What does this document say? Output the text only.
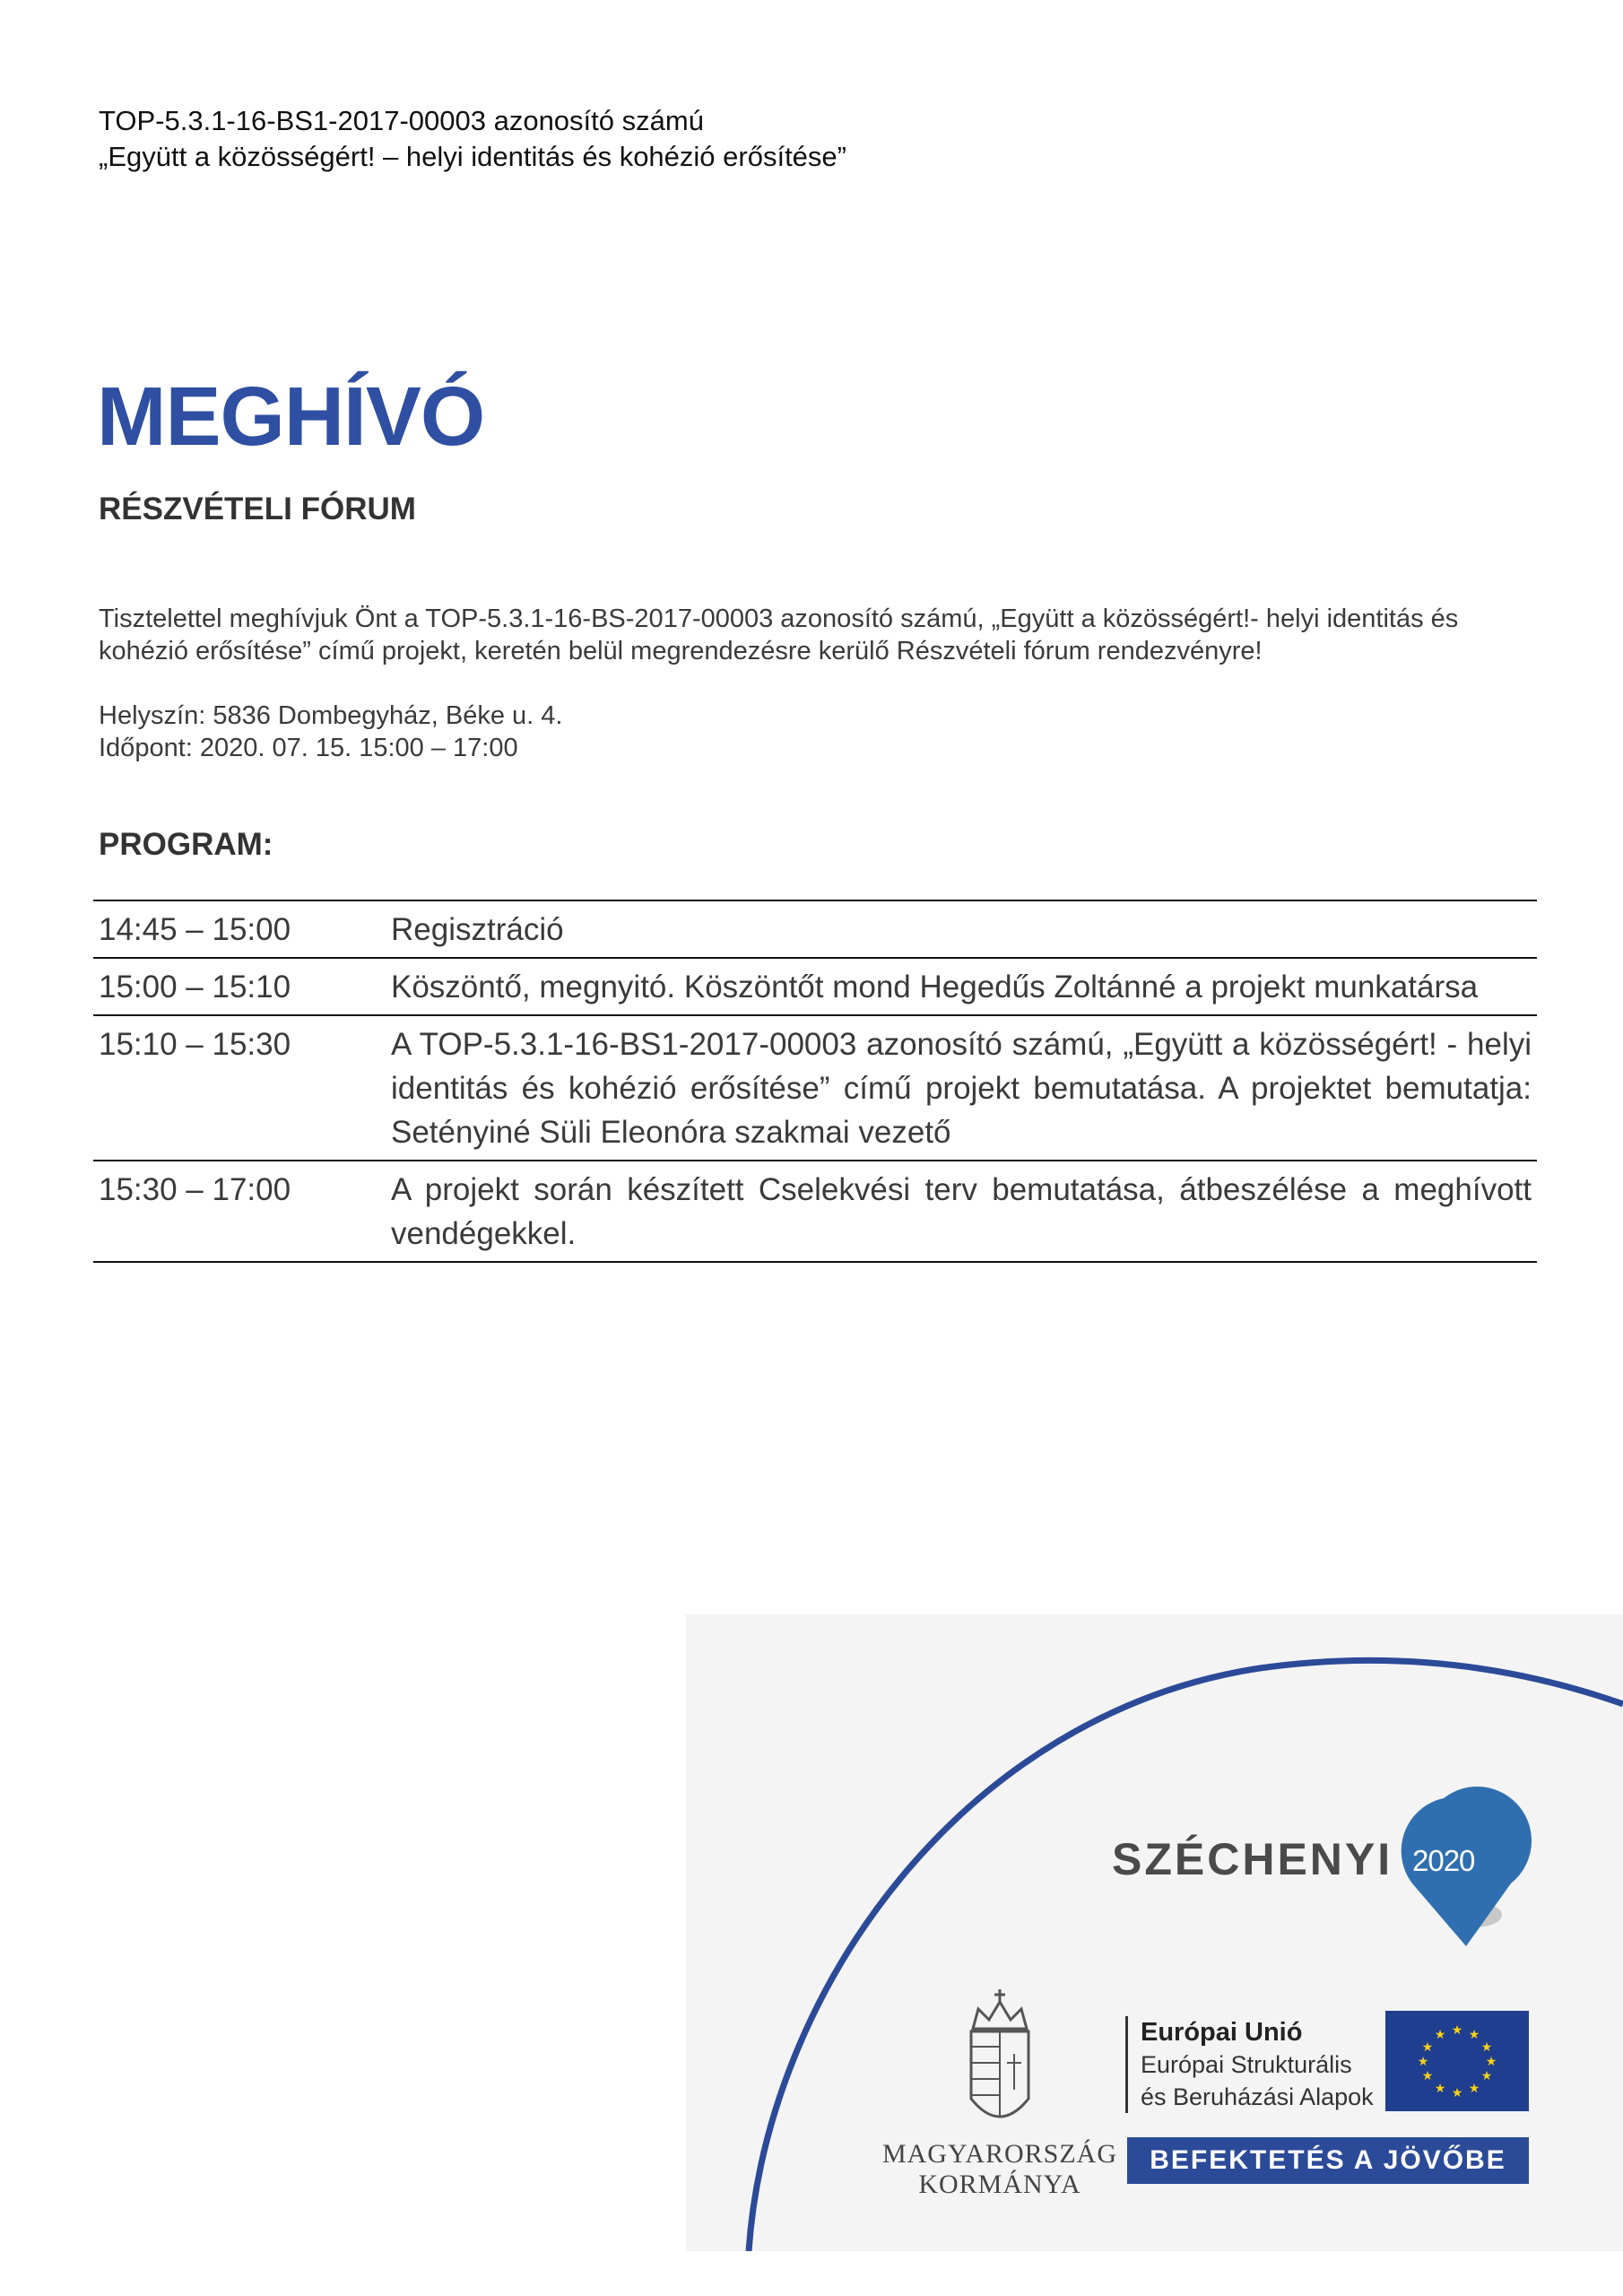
TOP-5.3.1-16-BS1-2017-00003 azonosító számú
„Együtt a közösségért! – helyi identitás és kohézió erősítése”
MEGHÍVÓ
RÉSZVÉTELI FÓRUM
Tisztelettel meghívjuk Önt a TOP-5.3.1-16-BS-2017-00003 azonosító számú, „Együtt a közösségért!- helyi identitás és kohézió erősítése” című projekt, keretén belül megrendezésre kerülő Részvételi fórum rendezvényre!
Helyszín: 5836 Dombegyház, Béke u. 4.
Időpont: 2020. 07. 15. 15:00 – 17:00
PROGRAM:
14:45 – 15:00	Regisztráció
15:00 – 15:10	Köszöntő, megnyitó. Köszöntőt mond Hegedűs Zoltánné a projekt munkatársa
15:10 – 15:30	A TOP-5.3.1-16-BS1-2017-00003 azonosító számú, „Együtt a közösségért! - helyi identitás és kohézió erősítése” című projekt bemutatása. A projektet bemutatja: Setényiné Süli Eleonóra szakmai vezető
15:30 – 17:00	A projekt során készített Cselekvési terv bemutatása, átbeszélése a meghívott vendégekkel.
SZÉCHENYI 2020
MAGYARORSZÁG
KORMÁNYA
Európai Unió
Európai Strukturális
és Beruházási Alapok
★ ★
★
★
★
★
★
★
★
★
★
★
BEFEKTETÉS A JÖVŐBE
